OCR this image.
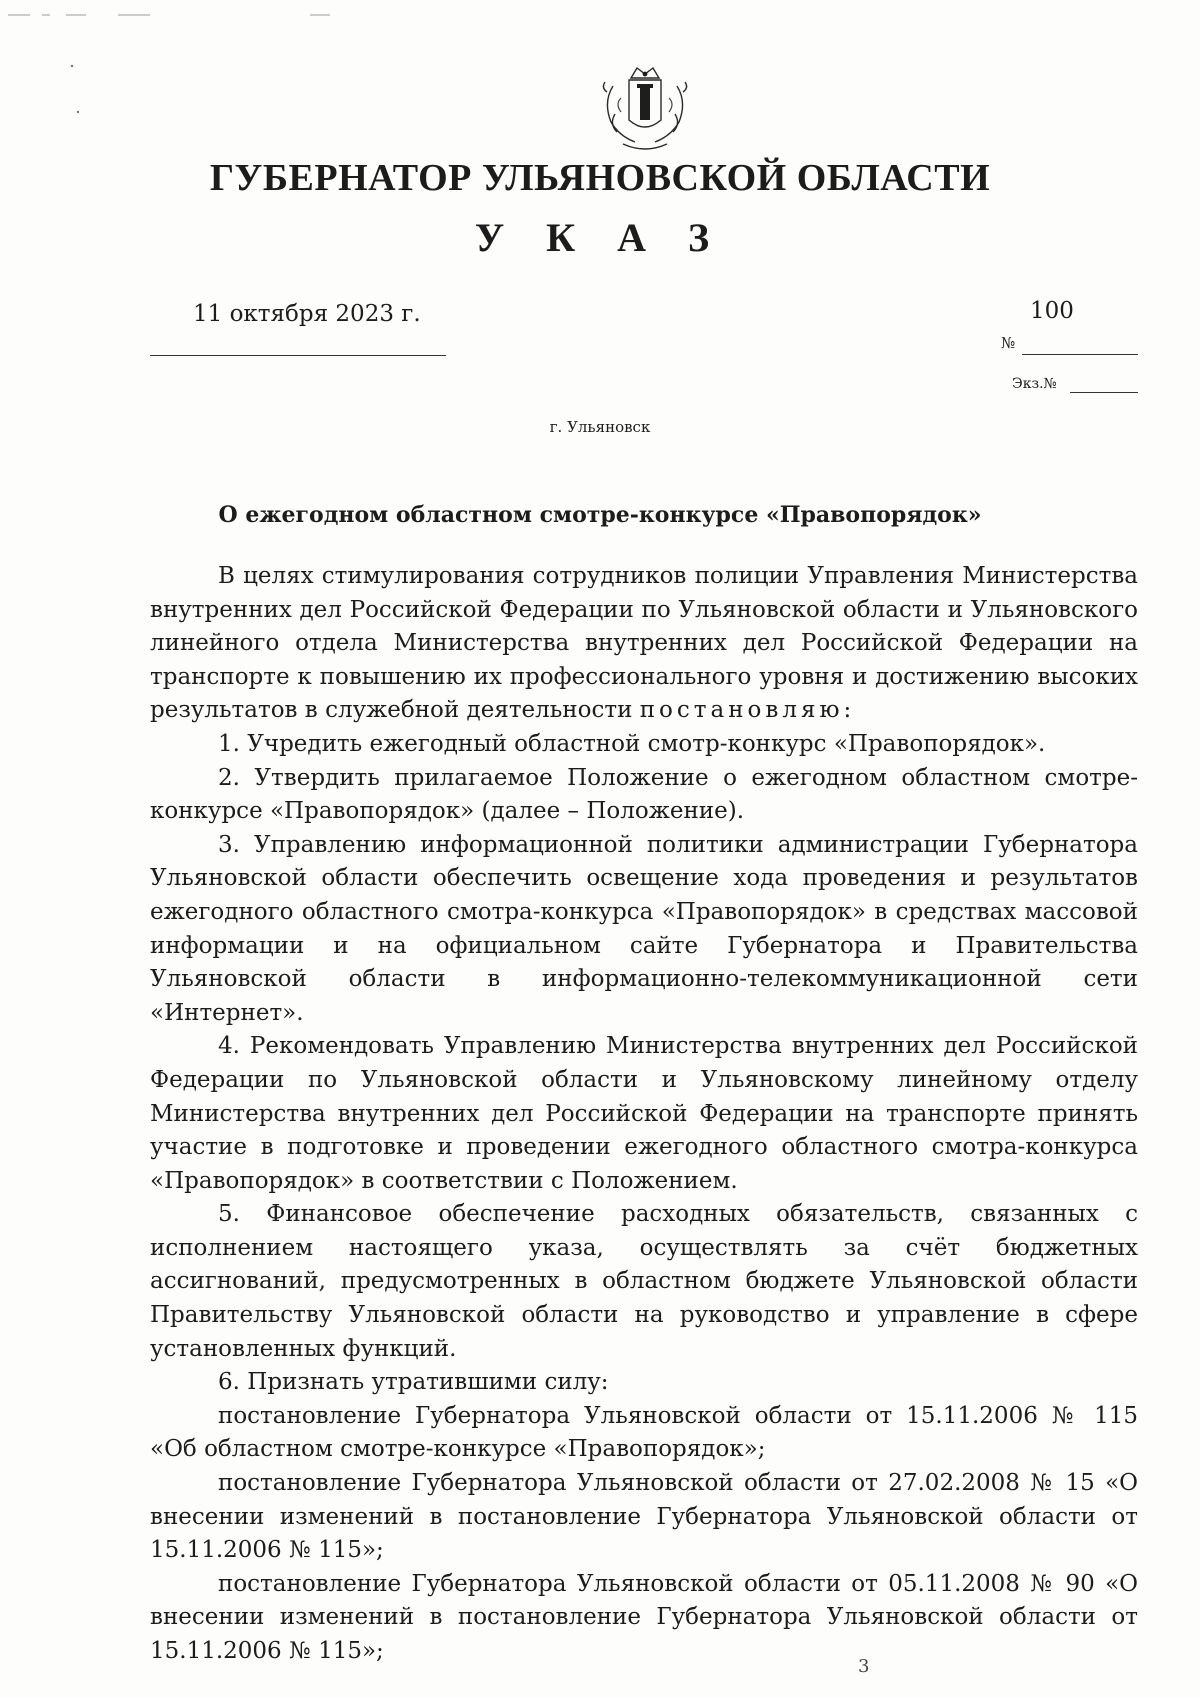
ГУБЕРНАТОР УЛЬЯНОВСКОЙ ОБЛАСТИ
У К А З
11 октября 2023 г.	100
№
Экз.№
г. Ульяновск
О ежегодном областном смотре-конкурсе «Правопорядок»

В целях стимулирования сотрудников полиции Управления Министерства внутренних дел Российской Федерации по Ульяновской области и Ульяновского линейного отдела Министерства внутренних дел Российской Федерации на транспорте к повышению их профессионального уровня и достижению высоких результатов в служебной деятельности постановляю:

1. Учредить ежегодный областной смотр-конкурс «Правопорядок».

2. Утвердить прилагаемое Положение о ежегодном областном смотре-конкурсе «Правопорядок» (далее – Положение).

3. Управлению информационной политики администрации Губернатора Ульяновской области обеспечить освещение хода проведения и результатов ежегодного областного смотра-конкурса «Правопорядок» в средствах массовой информации и на официальном сайте Губернатора и Правительства Ульяновской области в информационно-телекоммуникационной сети «Интернет».

4. Рекомендовать Управлению Министерства внутренних дел Российской Федерации по Ульяновской области и Ульяновскому линейному отделу Министерства внутренних дел Российской Федерации на транспорте принять участие в подготовке и проведении ежегодного областного смотра-конкурса «Правопорядок» в соответствии с Положением.

5. Финансовое обеспечение расходных обязательств, связанных с исполнением настоящего указа, осуществлять за счёт бюджетных ассигнований, предусмотренных в областном бюджете Ульяновской области Правительству Ульяновской области на руководство и управление в сфере установленных функций.

6. Признать утратившими силу:

постановление Губернатора Ульяновской области от 15.11.2006 № 115 «Об областном смотре-конкурсе «Правопорядок»;

постановление Губернатора Ульяновской области от 27.02.2008 № 15 «О внесении изменений в постановление Губернатора Ульяновской области от 15.11.2006 № 115»;

постановление Губернатора Ульяновской области от 05.11.2008 № 90 «О внесении изменений в постановление Губернатора Ульяновской области от 15.11.2006 № 115»;

3
